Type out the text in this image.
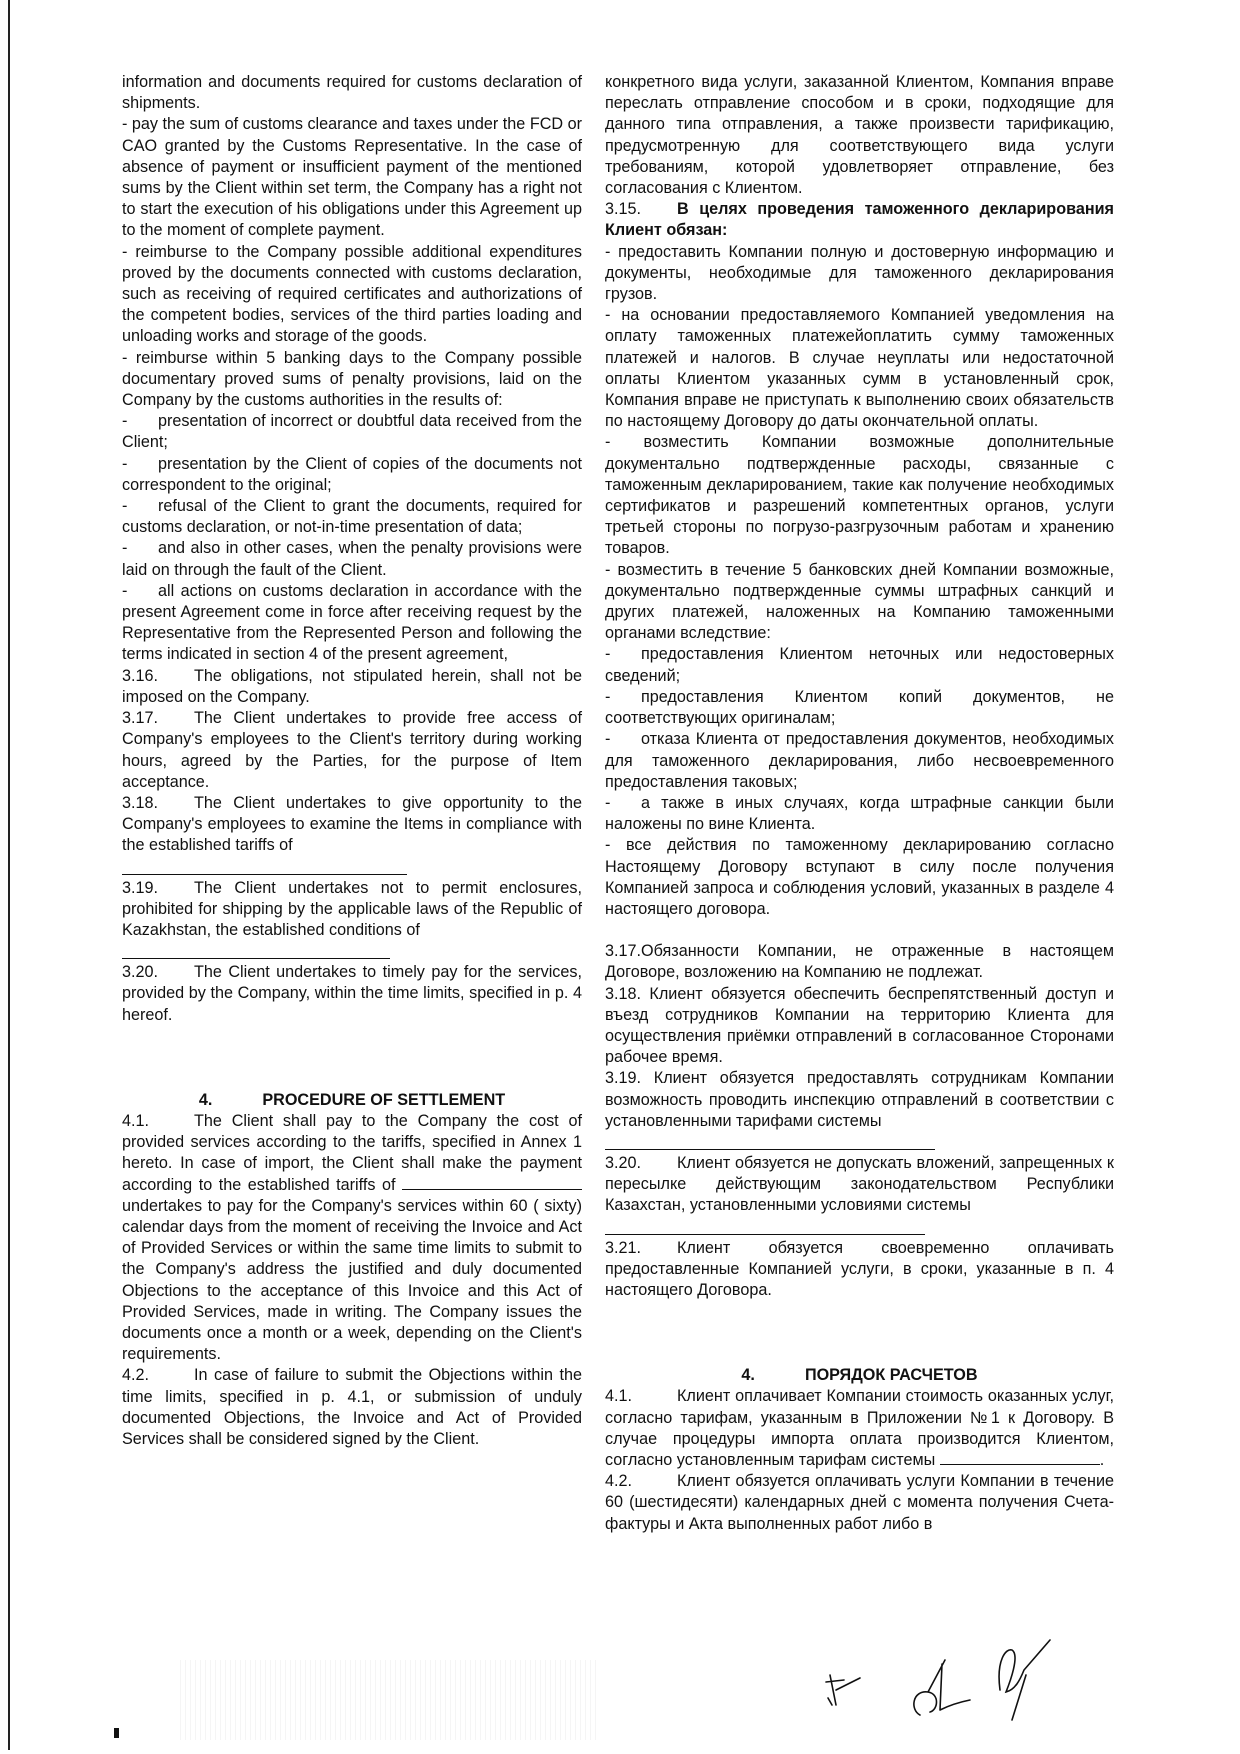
information and documents required for customs declaration of shipments.

- pay the sum of customs clearance and taxes under the FCD or CAO granted by the Customs Representative. In the case of absence of payment or insufficient payment of the mentioned sums by the Client within set term, the Company has a right not to start the execution of his obligations under this Agreement up to the moment of complete payment.

- reimburse to the Company possible additional expenditures proved by the documents connected with customs declaration, such as receiving of required certificates and authorizations of the competent bodies, services of the third parties loading and unloading works and storage of the goods.

- reimburse within 5 banking days to the Company possible documentary proved sums of penalty provisions, laid on the Company by the customs authorities in the results of:

- presentation of incorrect or doubtful data received from the Client;

- presentation by the Client of copies of the documents not correspondent to the original;

- refusal of the Client to grant the documents, required for customs declaration, or not-in-time presentation of data;

- and also in other cases, when the penalty provisions were laid on through the fault of the Client.

- all actions on customs declaration in accordance with the present Agreement come in force after receiving request by the Representative from the Represented Person and following the terms indicated in section 4 of the present agreement,

3.16. The obligations, not stipulated herein, shall not be imposed on the Company.

3.17. The Client undertakes to provide free access of Company's employees to the Client's territory during working hours, agreed by the Parties, for the purpose of Item acceptance.

3.18. The Client undertakes to give opportunity to the Company's employees to examine the Items in compliance with the established tariffs of

3.19. The Client undertakes not to permit enclosures, prohibited for shipping by the applicable laws of the Republic of Kazakhstan, the established conditions of

3.20. The Client undertakes to timely pay for the services, provided by the Company, within the time limits, specified in p. 4 hereof.

4.	PROCEDURE OF SETTLEMENT

4.1.	The Client shall pay to the Company the cost of provided services according to the tariffs, specified in Annex 1 hereto. In case of import, the Client shall make the payment according to the established tariffs of  undertakes to pay for the Company's services within 60 ( sixty) calendar days from the moment of receiving the Invoice and Act of Provided Services or within the same time limits to submit to the Company's address the justified and duly documented Objections to the acceptance of this Invoice and this Act of Provided Services, made in writing. The Company issues the documents once a month or a week, depending on the Client's requirements.

4.2.	In case of failure to submit the Objections within the time limits, specified in p. 4.1, or submission of unduly documented Objections, the Invoice and Act of Provided Services shall be considered signed by the Client.

конкретного вида услуги, заказанной Клиентом, Компания вправе переслать отправление способом и в сроки, подходящие для данного типа отправления, а также произвести тарификацию, предусмотренную для соответствующего вида услуги требованиям, которой удовлетворяет отправление, без согласования с Клиентом.

3.15. В целях проведения таможенного декларирования Клиент обязан:

- предоставить Компании полную и достоверную информацию и документы, необходимые для таможенного декларирования грузов.

- на основании предоставляемого Компанией уведомления на оплату таможенных платежейоплатить сумму таможенных платежей и налогов. В случае неуплаты или недостаточной оплаты Клиентом указанных сумм в установленный срок, Компания вправе не приступать к выполнению своих обязательств по настоящему Договору до даты окончательной оплаты.

- возместить Компании возможные дополнительные документально подтвержденные расходы, связанные с таможенным декларированием, такие как получение необходимых сертификатов и разрешений компетентных органов, услуги третьей стороны по погрузо-разгрузочным работам и хранению товаров.

- возместить в течение 5 банковских дней Компании возможные, документально подтвержденные суммы штрафных санкций и других платежей, наложенных на Компанию таможенными органами вследствие:

- предоставления Клиентом неточных или недостоверных сведений;

- предоставления Клиентом копий документов, не соответствующих оригиналам;

- отказа Клиента от предоставления документов, необходимых для таможенного декларирования, либо несвоевременного предоставления таковых;

- а также в иных случаях, когда штрафные санкции были наложены по вине Клиента.

- все действия по таможенному декларированию согласно Настоящему Договору вступают в силу после получения Компанией запроса и соблюдения условий, указанных в разделе 4 настоящего договора.

3.17.Обязанности Компании, не отраженные в настоящем Договоре, возложению на Компанию не подлежат.

3.18. Клиент обязуется обеспечить беспрепятственный доступ и въезд сотрудников Компании на территорию Клиента для осуществления приёмки отправлений в согласованное Сторонами рабочее время.

3.19. Клиент обязуется предоставлять сотрудникам Компании возможность проводить инспекцию отправлений в соответствии с установленными тарифами системы

3.20. Клиент обязуется не допускать вложений, запрещенных к пересылке действующим законодательством Республики Казахстан, установленными условиями системы

3.21. Клиент обязуется своевременно оплачивать предоставленные Компанией услуги, в сроки, указанные в п. 4 настоящего Договора.

4.	ПОРЯДОК РАСЧЕТОВ

4.1.	Клиент оплачивает Компании стоимость оказанных услуг, согласно тарифам, указанным в Приложении №1 к Договору. В случае процедуры импорта оплата производится Клиентом, согласно установленным тарифам системы	.

4.2.	Клиент обязуется оплачивать услуги Компании в течение 60 (шестидесяти) календарных дней с момента получения Счета-фактуры и Акта выполненных работ либо в
